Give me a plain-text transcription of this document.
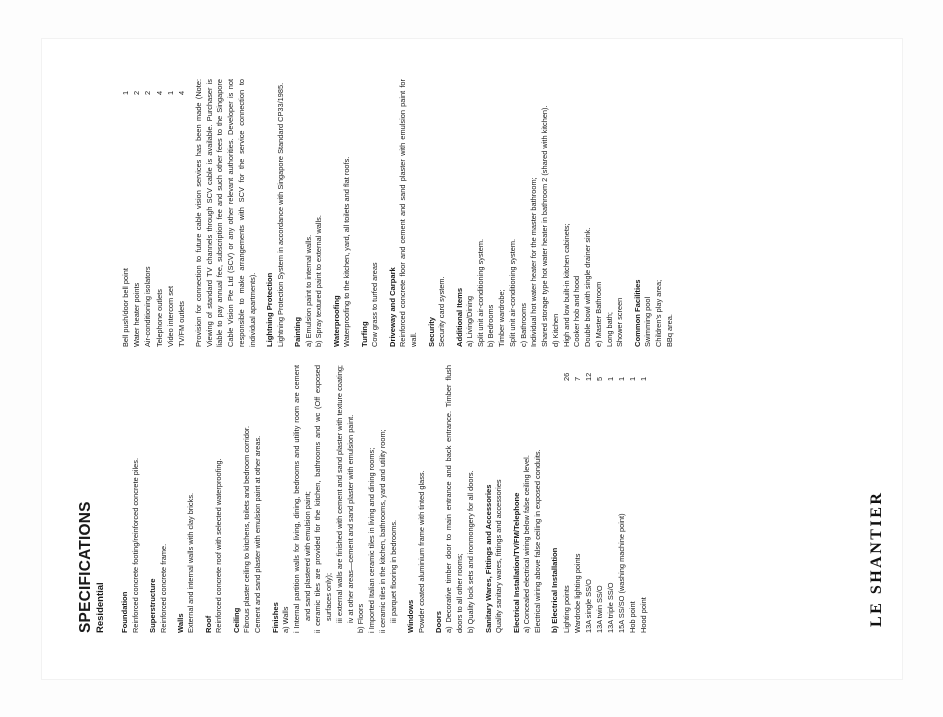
SPECIFICATIONS Residential Foundation Reinforced concrete footing/reinforced concrete piles. Superstructure Reinforced concrete frame. Walls External and internal walls with clay bricks. Roof Reinforced concrete roof with selected waterproofing. Ceiling Fibrous plaster ceiling to kitchens, toilets and bedroom corridor. Cement and sand plaster with emulsion paint at other areas. Finishes a) Walls i Internal partition walls for living, dining, bedrooms and utility room are cement and sand plastered with emulsion paint; ii ceramic tiles are provided for the kitchen, bathrooms and wc (Off exposed surfaces only); iii external walls are finished with cement and sand plaster with texture coating; iv at other areas—cement and sand plaster with emulsion paint. b) Floors i Imported Italian ceramic tiles in living and dining rooms; ii ceramic tiles in the kitchen, bathrooms, yard and utility room; iii parquet flooring in bedrooms. Windows Powder coated aluminium frame with tinted glass. Doors a) Decorative timber door to main entrance and back entrance. Timber flush doors to all other rooms; b) Quality lock sets and ironmongery for all doors. Sanitary Wares, Fittings and Accessories Quality sanitary wares, fittings and accessories Electrical Installation/TV/FM/Telephone a) Concealed electrical wiring below false ceiling level. Electrical wiring above false ceiling in exposed conduits. b) Electrical Installation Lighting points
26
Wardrobe lighting points
7
13A single SS/O
12
13A twin SS/O
5
13A triple SS/O
1
15A SS/SO (washing machine point)
1
Hob point
1
Hood point
1
Bell push/door bell point
1
Water heater points
2
Air-conditioning isolators
2
Telephone outlets
4
Video intercom set
1
TV/FM outlets
4 Provision for connection to future cable vision services has been made (Note: Viewing of standard TV channels through SCV cable is available. Purchaser is liable to pay annual fee, subscription fee and such other fees to the Singapore Cable Vision Pte Ltd (SCV) or any other relevant authorities. Developer is not responsible to make arrangements with SCV for the service connection to individual apartments). Lightning Protection Lightning Protection System in accordance with Singapore Standard CP33/1985. Painting a) Emulsion paint to internal walls. b) Spray textured paint to external walls. Waterproofing Waterproofing to the kitchen, yard, all toilets and flat roofs. Turfing Cow grass to turfed areas Driveway and Carpark Reinforced concrete floor and cement and sand plaster with emulsion paint for wall. Security Security card system. Additional Items a) Living/Dining Split unit air-conditioning system. b) Bedrooms Timber wardrobe; Split unit air-conditioning system. c) Bathrooms Individual hot water heater for the master bathroom; Shared storage type hot water heater in bathroom 2 (shared with kitchen). d) Kitchen High and low built-in kitchen cabinets; Cooker hob and hood Double bowl with single drainer sink. e) Master Bathroom Long bath; Shower screen Common Facilities Swimming pool Children's play area; BBq area.
LE SHANTIER
